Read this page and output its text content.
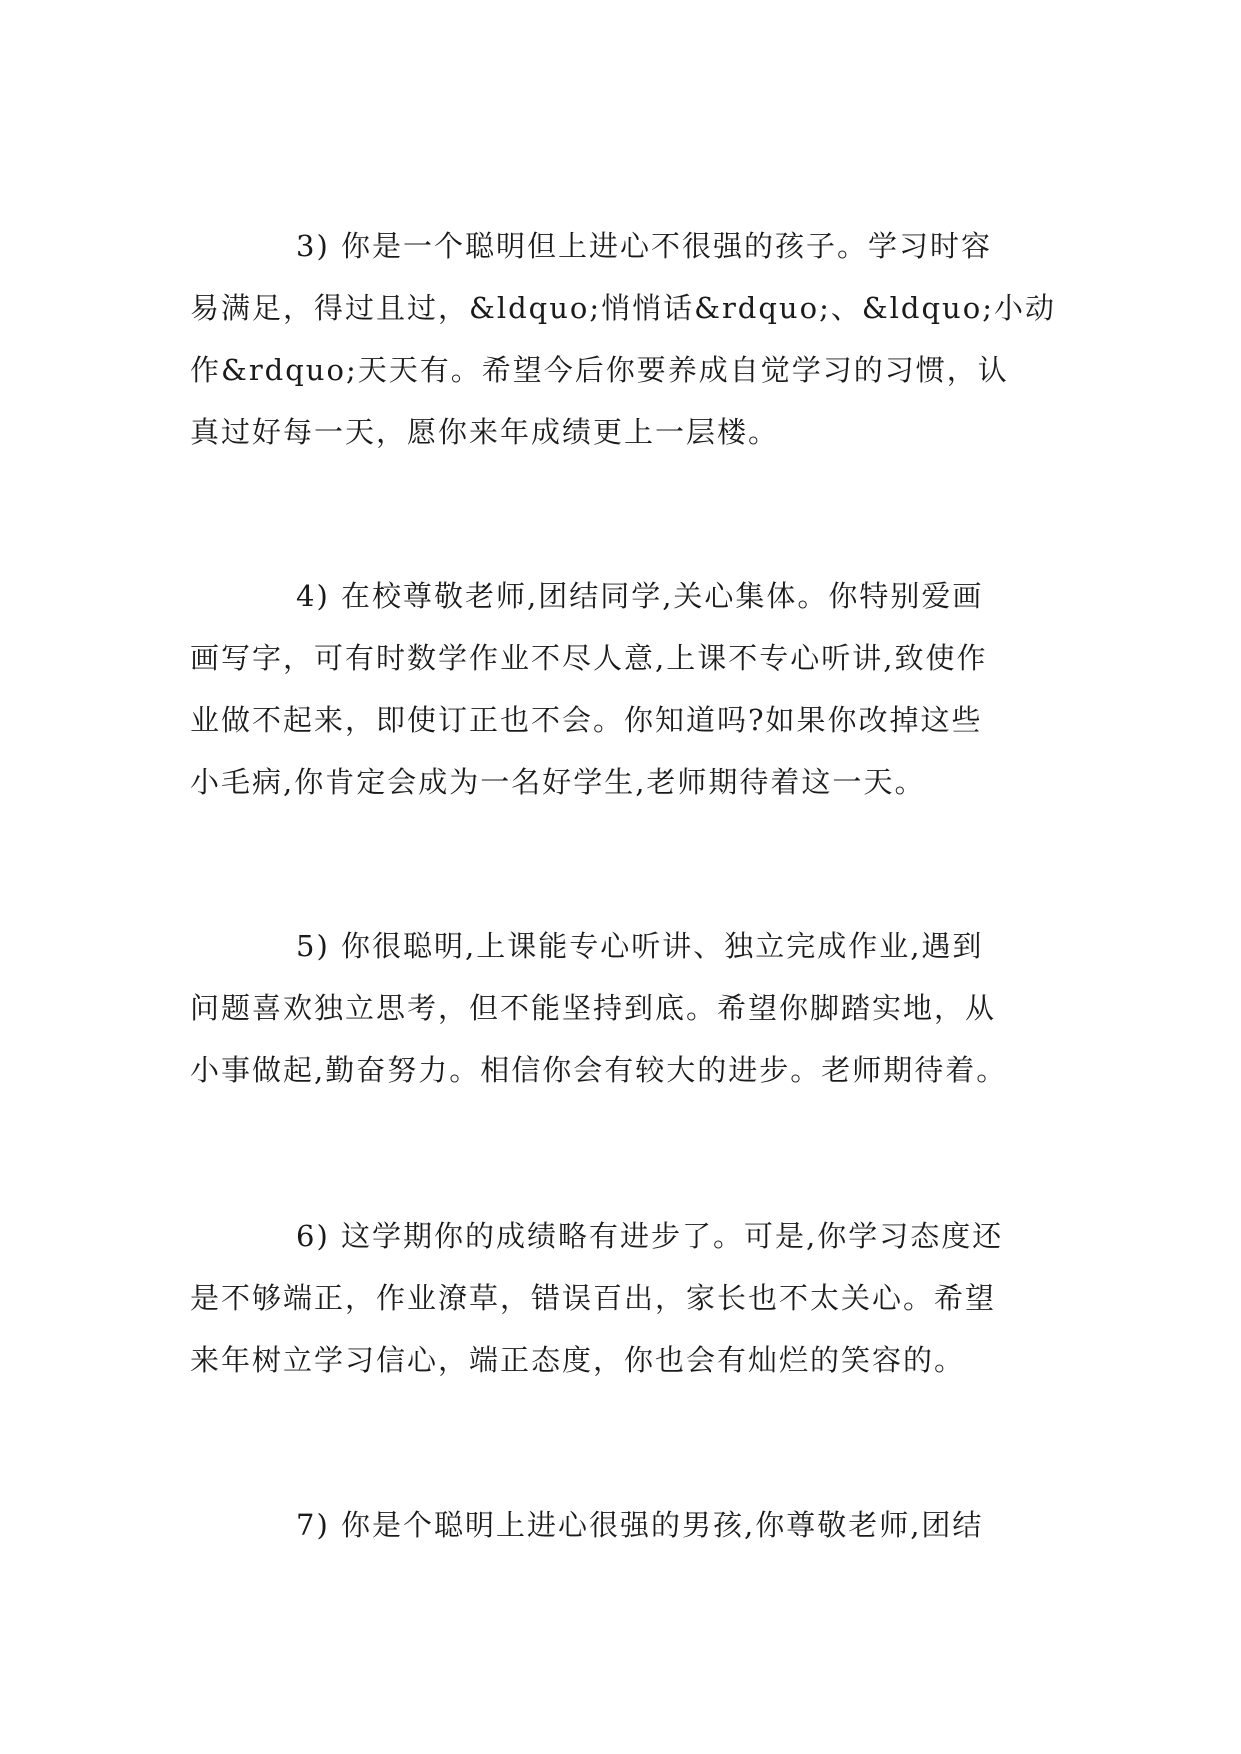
3) 你是一个聪明但上进心不很强的孩子。学习时容
易满足，得过且过，&ldquo;悄悄话&rdquo;、&ldquo;小动
作&rdquo;天天有。希望今后你要养成自觉学习的习惯，认
真过好每一天，愿你来年成绩更上一层楼。
4) 在校尊敬老师,团结同学,关心集体。你特别爱画
画写字，可有时数学作业不尽人意,上课不专心听讲,致使作
业做不起来，即使订正也不会。你知道吗?如果你改掉这些
小毛病,你肯定会成为一名好学生,老师期待着这一天。
5) 你很聪明,上课能专心听讲、独立完成作业,遇到
问题喜欢独立思考，但不能坚持到底。希望你脚踏实地，从
小事做起,勤奋努力。相信你会有较大的进步。老师期待着。
6) 这学期你的成绩略有进步了。可是,你学习态度还
是不够端正，作业潦草，错误百出，家长也不太关心。希望
来年树立学习信心，端正态度，你也会有灿烂的笑容的。
7) 你是个聪明上进心很强的男孩,你尊敬老师,团结
